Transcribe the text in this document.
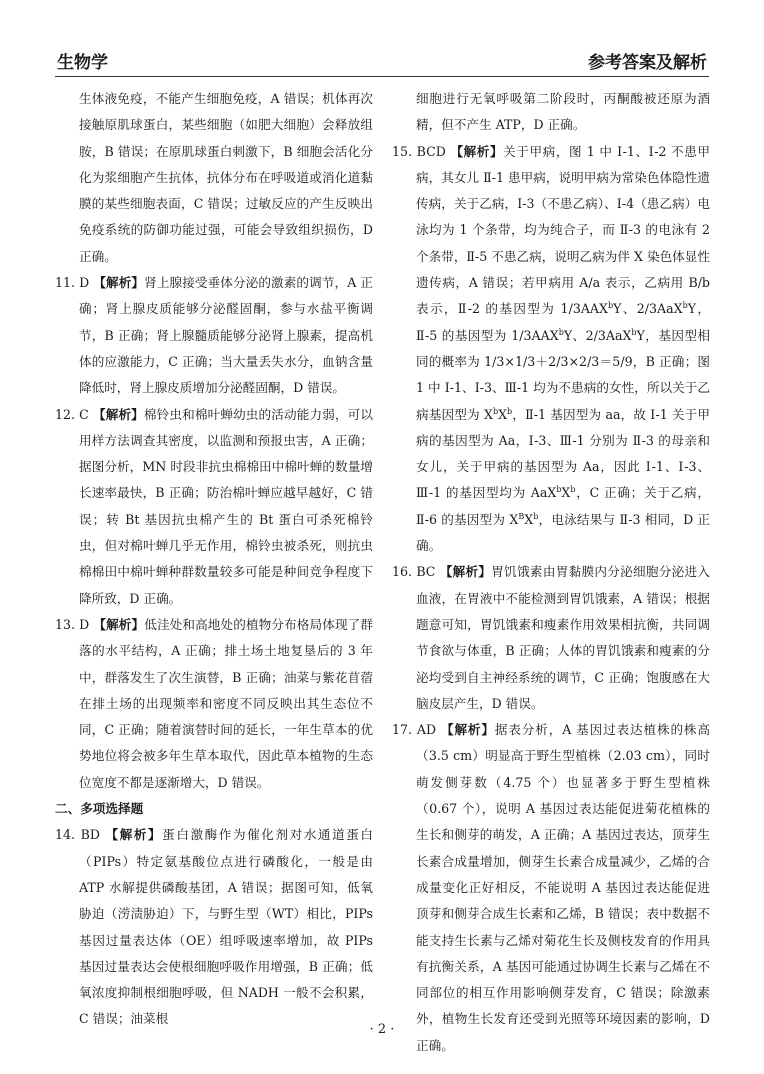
生物学	参考答案及解析

生体液免疫，不能产生细胞免疫，A 错误；机体再次接触原肌球蛋白，某些细胞（如肥大细胞）会释放组胺，B 错误；在原肌球蛋白刺激下，B 细胞会活化分化为浆细胞产生抗体，抗体分布在呼吸道或消化道黏膜的某些细胞表面，C 错误；过敏反应的产生反映出免疫系统的防御功能过强，可能会导致组织损伤，D 正确。

11. D 【解析】肾上腺接受垂体分泌的激素的调节，A 正确；肾上腺皮质能够分泌醛固酮，参与水盐平衡调节，B 正确；肾上腺髓质能够分泌肾上腺素，提高机体的应激能力，C 正确；当大量丢失水分，血钠含量降低时，肾上腺皮质增加分泌醛固酮，D 错误。

12. C 【解析】棉铃虫和棉叶蝉幼虫的活动能力弱，可以用样方法调查其密度，以监测和预报虫害，A 正确；据图分析，MN 时段非抗虫棉棉田中棉叶蝉的数量增长速率最快，B 正确；防治棉叶蝉应越早越好，C 错误；转 Bt 基因抗虫棉产生的 Bt 蛋白可杀死棉铃虫，但对棉叶蝉几乎无作用，棉铃虫被杀死，则抗虫棉棉田中棉叶蝉种群数量较多可能是种间竞争程度下降所致，D 正确。

13. D 【解析】低洼处和高地处的植物分布格局体现了群落的水平结构，A 正确；排土场土地复垦后的 3 年中，群落发生了次生演替，B 正确；油菜与紫花苜蓿在排土场的出现频率和密度不同反映出其生态位不同，C 正确；随着演替时间的延长，一年生草本的优势地位将会被多年生草本取代，因此草本植物的生态位宽度不都是逐渐增大，D 错误。

二、多项选择题

14. BD 【解析】蛋白激酶作为催化剂对水通道蛋白（PIPs）特定氨基酸位点进行磷酸化，一般是由 ATP 水解提供磷酸基团，A 错误；据图可知，低氧胁迫（涝渍胁迫）下，与野生型（WT）相比，PIPs 基因过量表达体（OE）组呼吸速率增加，故 PIPs 基因过量表达会使根细胞呼吸作用增强，B 正确；低氧浓度抑制根细胞呼吸，但 NADH 一般不会积累，C 错误；油菜根

细胞进行无氧呼吸第二阶段时，丙酮酸被还原为酒精，但不产生 ATP，D 正确。

15. BCD 【解析】关于甲病，图 1 中 Ⅰ-1、Ⅰ-2 不患甲病，其女儿 Ⅱ-1 患甲病，说明甲病为常染色体隐性遗传病，关于乙病，Ⅰ-3（不患乙病）、Ⅰ-4（患乙病）电泳均为 1 个条带，均为纯合子，而 Ⅱ-3 的电泳有 2 个条带，Ⅱ-5 不患乙病，说明乙病为伴 X 染色体显性遗传病，A 错误；若甲病用 A/a 表示，乙病用 B/b 表示，Ⅱ-2 的基因型为 1/3AAX$^b$Y、2/3AaX$^b$Y，Ⅱ-5 的基因型为 1/3AAX$^b$Y、2/3AaX$^b$Y，基因型相同的概率为 1/3×1/3＋2/3×2/3＝5/9，B 正确；图 1 中 Ⅰ-1、Ⅰ-3、Ⅲ-1 均为不患病的女性，所以关于乙病基因型为 $X^bX^b$，Ⅱ-1 基因型为 aa，故 Ⅰ-1 关于甲病的基因型为 Aa，Ⅰ-3、Ⅲ-1 分别为 Ⅱ-3 的母亲和女儿，关于甲病的基因型为 Aa，因此 Ⅰ-1、Ⅰ-3、Ⅲ-1 的基因型均为 $AaX^bX^b$，C 正确；关于乙病，Ⅱ-6 的基因型为 $X^BX^b$，电泳结果与 Ⅱ-3 相同，D 正确。

16. BC 【解析】胃饥饿素由胃黏膜内分泌细胞分泌进入血液，在胃液中不能检测到胃饥饿素，A 错误；根据题意可知，胃饥饿素和瘦素作用效果相抗衡，共同调节食欲与体重，B 正确；人体的胃饥饿素和瘦素的分泌均受到自主神经系统的调节，C 正确；饱腹感在大脑皮层产生，D 错误。

17. AD 【解析】据表分析，A 基因过表达植株的株高（3.5 cm）明显高于野生型植株（2.03 cm），同时萌发侧芽数（4.75 个）也显著多于野生型植株（0.67 个），说明 A 基因过表达能促进菊花植株的生长和侧芽的萌发，A 正确；A 基因过表达，顶芽生长素合成量增加，侧芽生长素合成量减少，乙烯的合成量变化正好相反，不能说明 A 基因过表达能促进顶芽和侧芽合成生长素和乙烯，B 错误；表中数据不能支持生长素与乙烯对菊花生长及侧枝发育的作用具有抗衡关系，A 基因可能通过协调生长素与乙烯在不同部位的相互作用影响侧芽发育，C 错误；除激素外，植物生长发育还受到光照等环境因素的影响，D 正确。

· 2 ·
